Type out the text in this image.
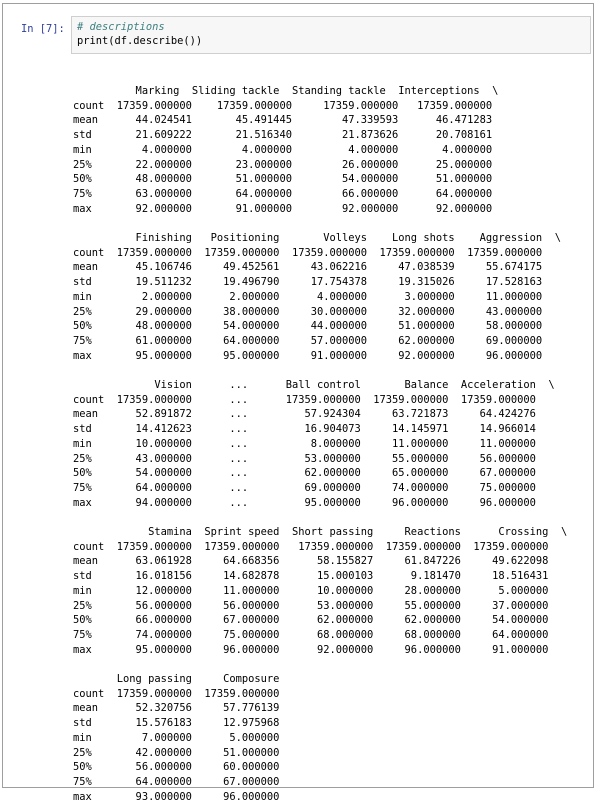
In [7]: # descriptions
print(df.describe())
Marking  Sliding tackle  Standing tackle  Interceptions  \
count  17359.000000    17359.000000     17359.000000   17359.000000
mean      44.024541       45.491445        47.339593      46.471283
std       21.609222       21.516340        21.873626      20.708161
min        4.000000        4.000000         4.000000       4.000000
25%       22.000000       23.000000        26.000000      25.000000
50%       48.000000       51.000000        54.000000      51.000000
75%       63.000000       64.000000        66.000000      64.000000
max       92.000000       91.000000        92.000000      92.000000
Finishing   Positioning       Volleys    Long shots    Aggression  \
count  17359.000000  17359.000000  17359.000000  17359.000000  17359.000000
mean      45.106746     49.452561     43.062216     47.038539     55.674175
std       19.511232     19.496790     17.754378     19.315026     17.528163
min        2.000000      2.000000      4.000000      3.000000     11.000000
25%       29.000000     38.000000     30.000000     32.000000     43.000000
50%       48.000000     54.000000     44.000000     51.000000     58.000000
75%       61.000000     64.000000     57.000000     62.000000     69.000000
max       95.000000     95.000000     91.000000     92.000000     96.000000
Vision      ...      Ball control       Balance  Acceleration  \
count  17359.000000      ...      17359.000000  17359.000000  17359.000000
mean      52.891872      ...         57.924304     63.721873     64.424276
std       14.412623      ...         16.904073     14.145971     14.966014
min       10.000000      ...          8.000000     11.000000     11.000000
25%       43.000000      ...         53.000000     55.000000     56.000000
50%       54.000000      ...         62.000000     65.000000     67.000000
75%       64.000000      ...         69.000000     74.000000     75.000000
max       94.000000      ...         95.000000     96.000000     96.000000
Stamina  Sprint speed  Short passing     Reactions      Crossing  \
count  17359.000000  17359.000000   17359.000000  17359.000000  17359.000000
mean      63.061928     64.668356      58.155827     61.847226     49.622098
std       16.018156     14.682878      15.000103      9.181470     18.516431
min       12.000000     11.000000      10.000000     28.000000      5.000000
25%       56.000000     56.000000      53.000000     55.000000     37.000000
50%       66.000000     67.000000      62.000000     62.000000     54.000000
75%       74.000000     75.000000      68.000000     68.000000     64.000000
max       95.000000     96.000000      92.000000     96.000000     91.000000
Long passing     Composure
count  17359.000000  17359.000000
mean      52.320756     57.776139
std       15.576183     12.975968
min        7.000000      5.000000
25%       42.000000     51.000000
50%       56.000000     60.000000
75%       64.000000     67.000000
max       93.000000     96.000000
